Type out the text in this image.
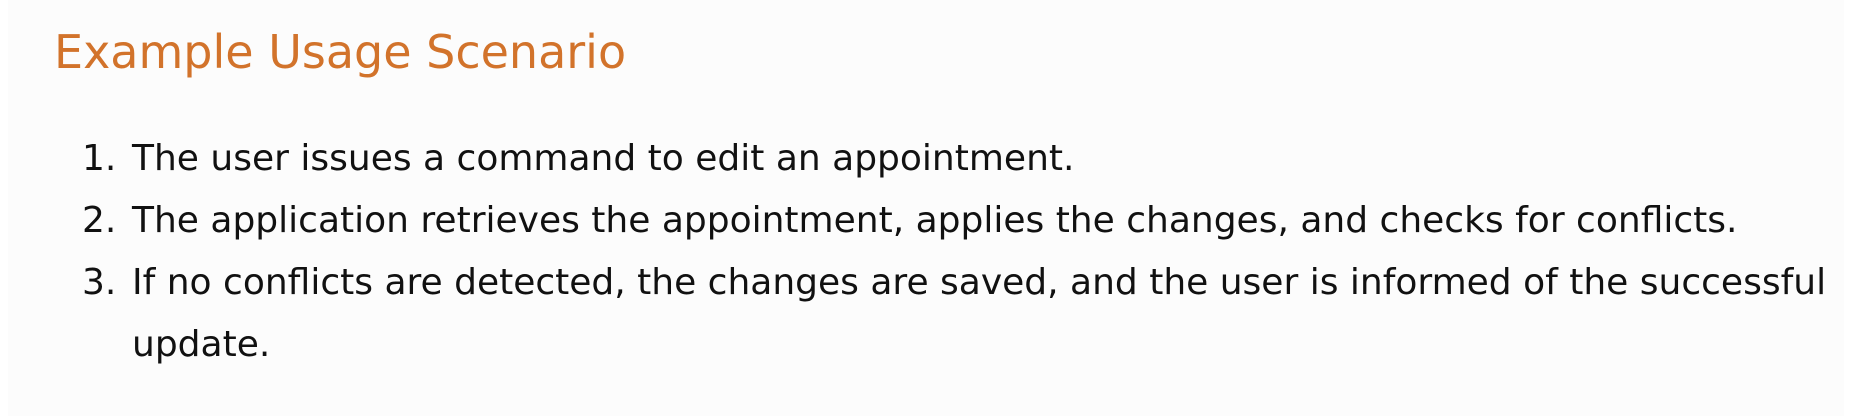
Example Usage Scenario
1. The user issues a command to edit an appointment.
2. The application retrieves the appointment, applies the changes, and checks for conflicts.
3. If no conflicts are detected, the changes are saved, and the user is informed of the successful update.
